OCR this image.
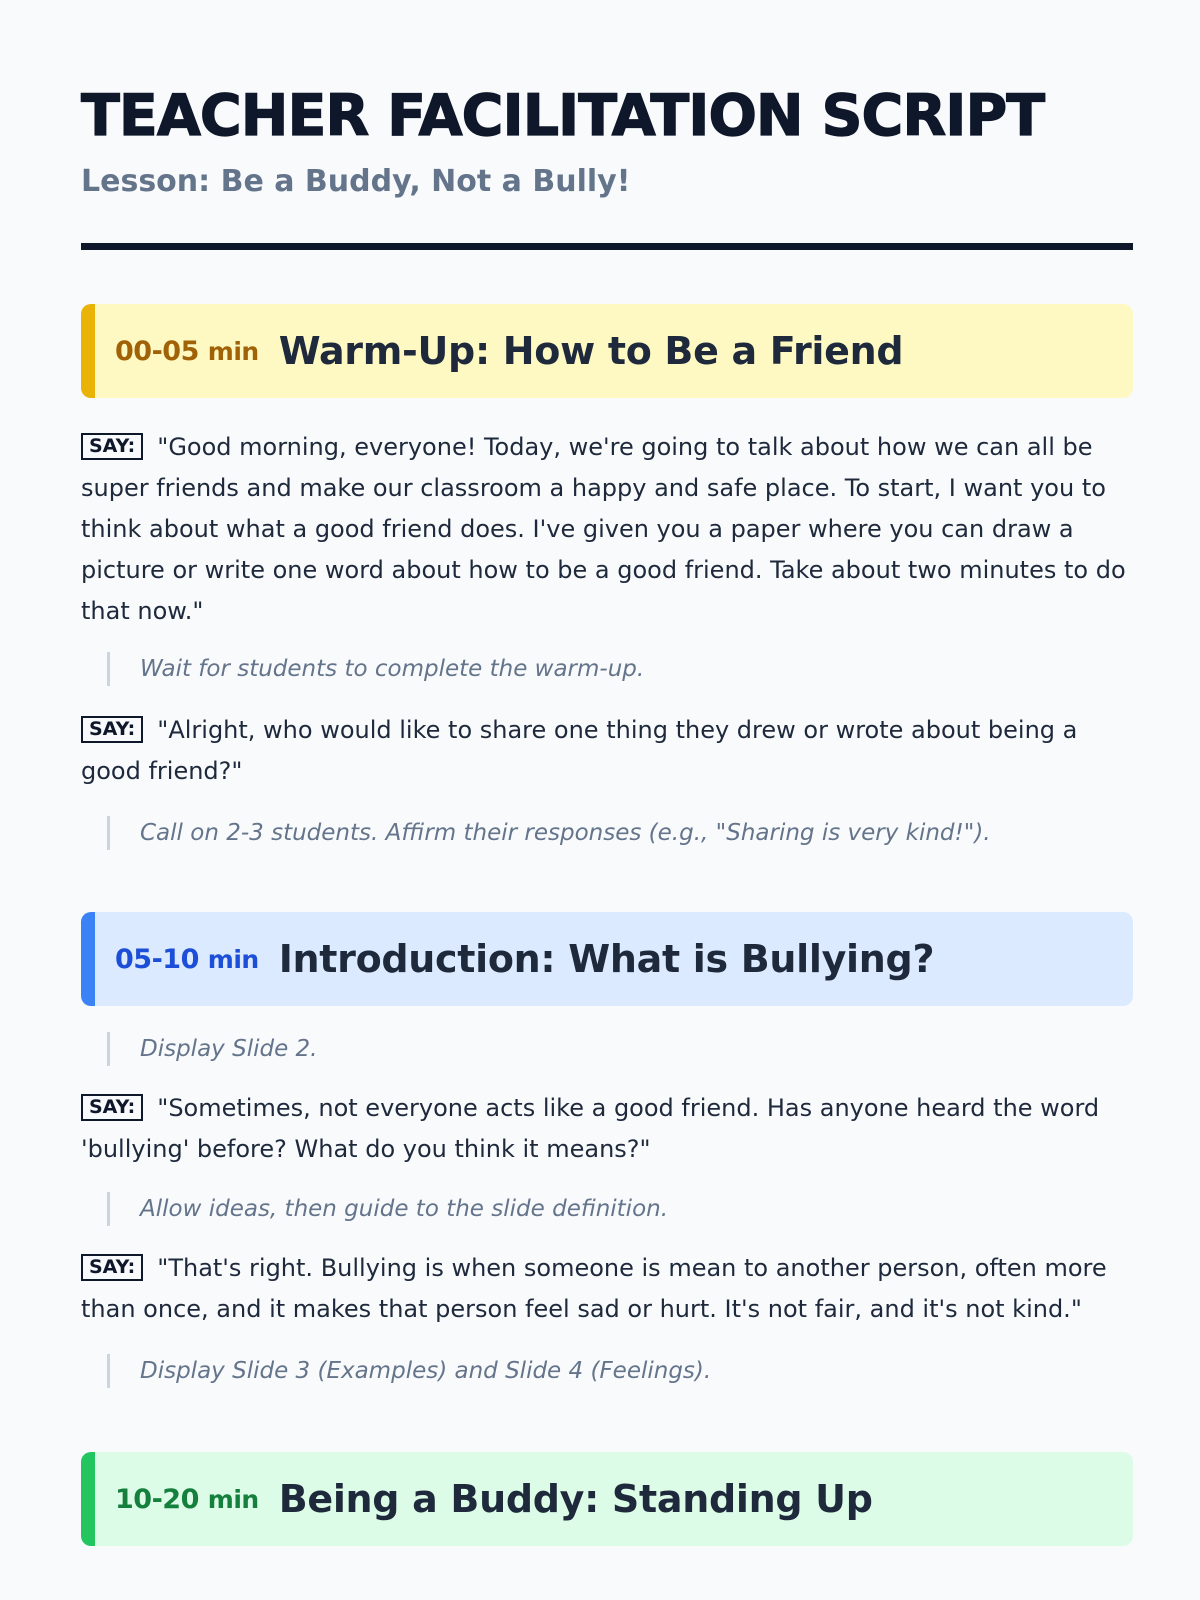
TEACHER FACILITATION SCRIPT
Lesson: Be a Buddy, Not a Bully!
00-05 min Warm-Up: How to Be a Friend

SAY: "Good morning, everyone! Today, we're going to talk about how we can all be super friends and make our classroom a happy and safe place. To start, I want you to think about what a good friend does. I've given you a paper where you can draw a picture or write one word about how to be a good friend. Take about two minutes to do that now."

Wait for students to complete the warm-up.

SAY: "Alright, who would like to share one thing they drew or wrote about being a good friend?"

Call on 2-3 students. Affirm their responses (e.g., "Sharing is very kind!").
05-10 min Introduction: What is Bullying?
Display Slide 2.

SAY: "Sometimes, not everyone acts like a good friend. Has anyone heard the word 'bullying' before? What do you think it means?"

Allow ideas, then guide to the slide definition.

SAY: "That's right. Bullying is when someone is mean to another person, often more than once, and it makes that person feel sad or hurt. It's not fair, and it's not kind."

Display Slide 3 (Examples) and Slide 4 (Feelings).
10-20 min Being a Buddy: Standing Up
